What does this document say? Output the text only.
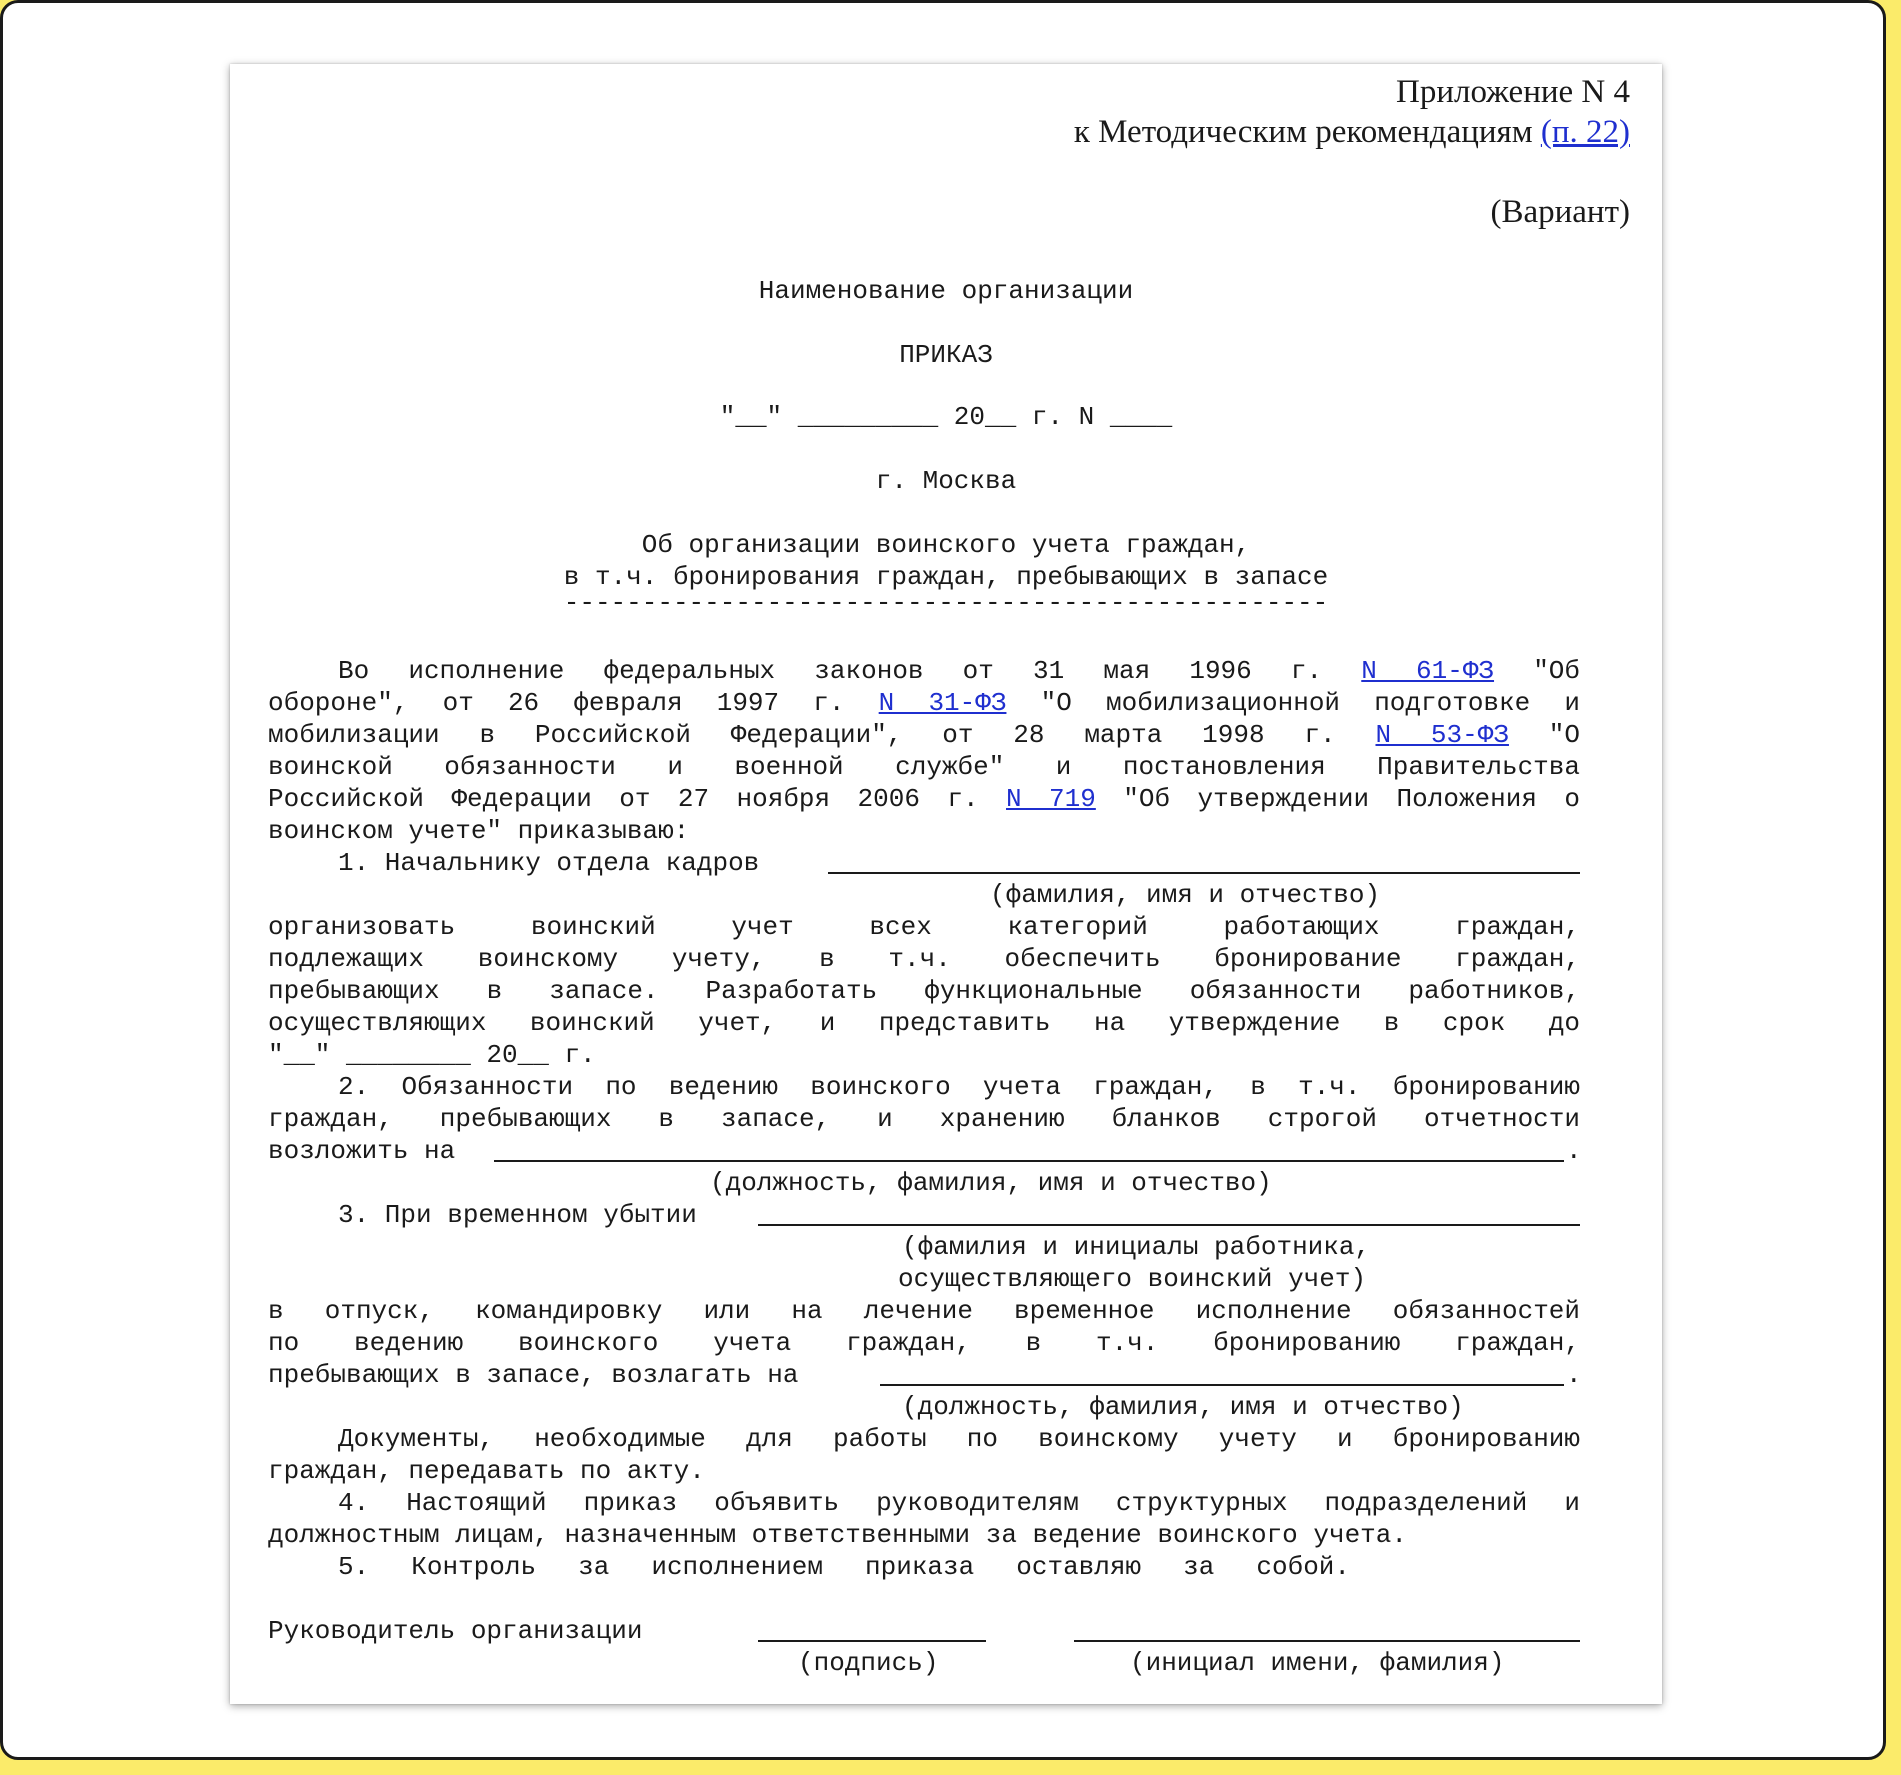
Приложение N 4
к Методическим рекомендациям (п. 22)
(Вариант)
Наименование организации
ПРИКАЗ
"__" _________ 20__ г. N ____
г. Москва
Об организации воинского учета граждан,
в т.ч. бронирования граждан, пребывающих в запасе
-------------------------------------------------
Во исполнение федеральных законов от 31 мая 1996 г. N 61-ФЗ "Об
обороне", от 26 февраля 1997 г. N 31-ФЗ "О мобилизационной подготовке и
мобилизации в Российской Федерации", от 28 марта 1998 г. N 53-ФЗ "О
воинской обязанности и военной службе" и постановления Правительства
Российской Федерации от 27 ноября 2006 г. N 719 "Об утверждении Положения о
воинском учете" приказываю:
1. Начальнику отдела кадров
(фамилия, имя и отчество)
организовать воинский учет всех категорий работающих граждан,
подлежащих воинскому учету, в т.ч. обеспечить бронирование граждан,
пребывающих в запасе. Разработать функциональные обязанности работников,
осуществляющих воинский учет, и представить на утверждение в срок до
"__" ________ 20__ г.
2. Обязанности по ведению воинского учета граждан, в т.ч. бронированию
граждан, пребывающих в запасе, и хранению бланков строгой отчетности
возложить на	.
(должность, фамилия, имя и отчество)
3. При временном убытии
(фамилия и инициалы работника,
осуществляющего воинский учет)
в отпуск, командировку или на лечение временное исполнение обязанностей
по ведению воинского учета граждан, в т.ч. бронированию граждан,
пребывающих в запасе, возлагать на	.
(должность, фамилия, имя и отчество)
Документы, необходимые для работы по воинскому учету и бронированию
граждан, передавать по акту.
4. Настоящий приказ объявить руководителям структурных подразделений и
должностным лицам, назначенным ответственными за ведение воинского учета.
5. Контроль за исполнением приказа оставляю за собой.
Руководитель организации
(подпись)	(инициал имени, фамилия)
